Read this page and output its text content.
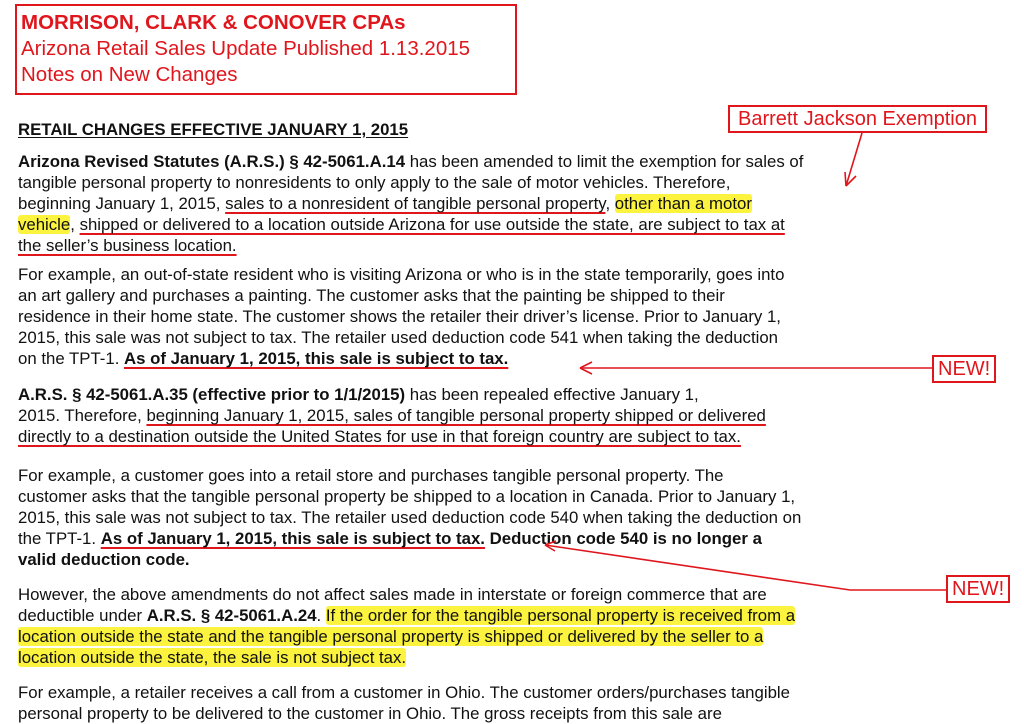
MORRISON, CLARK & CONOVER CPAs
Arizona Retail Sales Update Published 1.13.2015
Notes on New Changes
Barrett Jackson Exemption
NEW!
NEW!
RETAIL CHANGES EFFECTIVE JANUARY 1, 2015
Arizona Revised Statutes (A.R.S.) § 42-5061.A.14 has been amended to limit the exemption for sales of
tangible personal property to nonresidents to only apply to the sale of motor vehicles. Therefore,
beginning January 1, 2015, sales to a nonresident of tangible personal property, other than a motor
vehicle, shipped or delivered to a location outside Arizona for use outside the state, are subject to tax at
the seller’s business location.
For example, an out-of-state resident who is visiting Arizona or who is in the state temporarily, goes into
an art gallery and purchases a painting. The customer asks that the painting be shipped to their
residence in their home state. The customer shows the retailer their driver’s license. Prior to January 1,
2015, this sale was not subject to tax. The retailer used deduction code 541 when taking the deduction
on the TPT-1. As of January 1, 2015, this sale is subject to tax.
A.R.S. § 42-5061.A.35 (effective prior to 1/1/2015) has been repealed effective January 1,
2015. Therefore, beginning January 1, 2015, sales of tangible personal property shipped or delivered
directly to a destination outside the United States for use in that foreign country are subject to tax.
For example, a customer goes into a retail store and purchases tangible personal property. The
customer asks that the tangible personal property be shipped to a location in Canada. Prior to January 1,
2015, this sale was not subject to tax. The retailer used deduction code 540 when taking the deduction on
the TPT-1. As of January 1, 2015, this sale is subject to tax. Deduction code 540 is no longer a
valid deduction code.
However, the above amendments do not affect sales made in interstate or foreign commerce that are
deductible under A.R.S. § 42-5061.A.24. If the order for the tangible personal property is received from a
location outside the state and the tangible personal property is shipped or delivered by the seller to a
location outside the state, the sale is not subject tax.
For example, a retailer receives a call from a customer in Ohio. The customer orders/purchases tangible
personal property to be delivered to the customer in Ohio. The gross receipts from this sale are
